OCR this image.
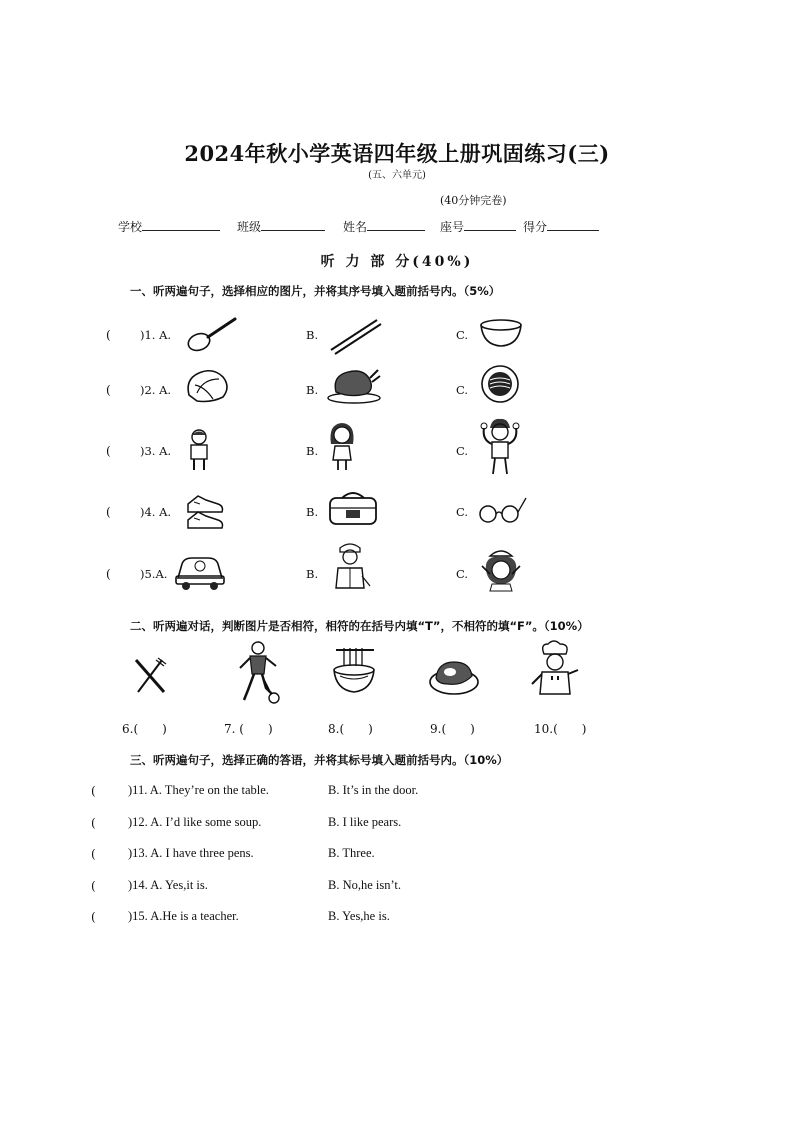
2024年秋小学英语四年级上册巩固练习(三)
(五、六单元)
(40分钟完卷)
学校	班级	姓名	座号	得分
听 力 部 分(40%)
一、听两遍句子，选择相应的图片，并将其序号填入题前括号内。（5%）
(	)1. A.	B.	C.
(	)2. A.	B.	C.
(	)3. A.	B.	C.
(	)4. A.	B.	C.
(	)5.A.	B.	C.
二、听两遍对话，判断图片是否相符，相符的在括号内填“T”，不相符的填“F”。（10%）
6.(　　)	7. (　　)	8.(　　)	9.(　　)	10.(　　)
三、听两遍句子，选择正确的答语，并将其标号填入题前括号内。（10%）
(	)11. A. They’re on the table.	B. It’s in the door.
(	)12. A. I’d like some soup.	B. I like pears.
(	)13. A. I have three pens.	B. Three.
(	)14. A. Yes,it is.	B. No,he isn’t.
(	)15. A.He is a teacher.	B. Yes,he is.
